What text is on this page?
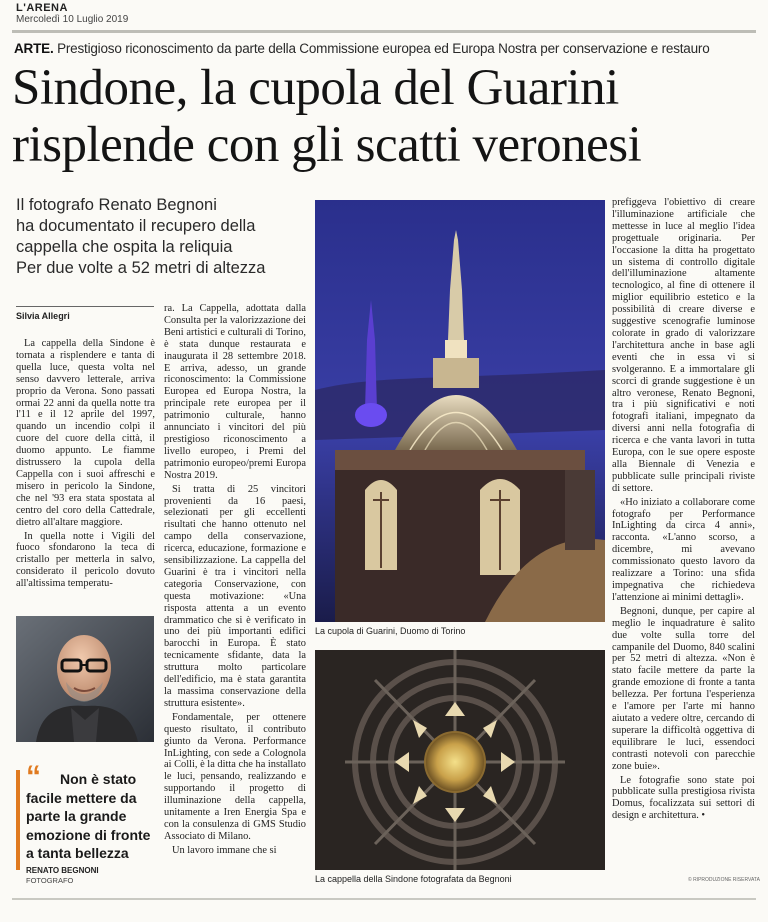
L'ARENA
Mercoledì 10 Luglio 2019
ARTE. Prestigioso riconoscimento da parte della Commissione europea ed Europa Nostra per conservazione e restauro
Sindone, la cupola del Guarini
risplende con gli scatti veronesi
Il fotografo Renato Begnoni
ha documentato il recupero della
cappella che ospita la reliquia
Per due volte a 52 metri di altezza
Silvia Allegri

La cappella della Sindone è tornata a risplendere e tanta di quella luce, questa volta nel senso davvero letterale, arriva proprio da Verona. Sono passati ormai 22 anni da quella notte tra l'11 e il 12 aprile del 1997, quando un incendio colpì il cuore del cuore della città, il duomo appunto. Le fiamme distrussero la cupola della Cappella con i suoi affreschi e misero in pericolo la Sindone, che nel '93 era stata spostata al centro del coro della Cattedrale, dietro all'altare maggiore.

In quella notte i Vigili del fuoco sfondarono la teca di cristallo per metterla in salvo, considerato il pericolo dovuto all'altissima temperatu-

ra. La Cappella, adottata dalla Consulta per la valorizzazione dei Beni artistici e culturali di Torino, è stata dunque restaurata e inaugurata il 28 settembre 2018. E arriva, adesso, un grande riconoscimento: la Commissione Europea ed Europa Nostra, la principale rete europea per il patrimonio culturale, hanno annunciato i vincitori del più prestigioso riconoscimento a livello europeo, i Premi del patrimonio europeo/premi Europa Nostra 2019.

Si tratta di 25 vincitori provenienti da 16 paesi, selezionati per gli eccellenti risultati che hanno ottenuto nel campo della conservazione, ricerca, educazione, formazione e sensibilizzazione. La cappella del Guarini è tra i vincitori nella categoria Conservazione, con questa motivazione: «Una risposta attenta a un evento drammatico che si è verificato in uno dei più importanti edifici barocchi in Europa. È stato tecnicamente sfidante, data la struttura molto particolare dell'edificio, ma è stata garantita la massima conservazione della struttura esistente».

Fondamentale, per ottenere questo risultato, il contributo giunto da Verona. Performance InLighting, con sede a Colognola ai Colli, è la ditta che ha installato le luci, pensando, realizzando e supportando il progetto di illuminazione della cappella, unitamente a Iren Energia Spa e con la consulenza di GMS Studio Associato di Milano.

Un lavoro immane che si

prefiggeva l'obiettivo di creare l'illuminazione artificiale che mettesse in luce al meglio l'idea progettuale originaria. Per l'occasione la ditta ha progettato un sistema di controllo digitale dell'illuminazione altamente tecnologico, al fine di ottenere il miglior equilibrio estetico e la possibilità di creare diverse e suggestive scenografie luminose colorate in grado di valorizzare l'architettura anche in base agli eventi che in essa vi si svolgeranno. E a immortalare gli scorci di grande suggestione è un altro veronese, Renato Begnoni, tra i più significativi e noti fotografi italiani, impegnato da diversi anni nella fotografia di ricerca e che vanta lavori in tutta Europa, con le sue opere esposte alla Biennale di Venezia e pubblicate sulle principali riviste di settore.

«Ho iniziato a collaborare come fotografo per Performance InLighting da circa 4 anni», racconta. «L'anno scorso, a dicembre, mi avevano commissionato questo lavoro da realizzare a Torino: una sfida impegnativa che richiedeva l'attenzione ai minimi dettagli».

Begnoni, dunque, per capire al meglio le inquadrature è salito due volte sulla torre del campanile del Duomo, 840 scalini per 52 metri di altezza. «Non è stato facile mettere da parte la grande emozione di fronte a tanta bellezza. Per fortuna l'esperienza e l'amore per l'arte mi hanno aiutato a vedere oltre, cercando di superare la difficoltà oggettiva di equilibrare le luci, essendoci contrasti notevoli con parecchie zone buie».

Le fotografie sono state poi pubblicate sulla prestigiosa rivista Domus, focalizzata sui settori di design e architettura. •

“	Non è stato facile mettere da parte la grande emozione di fronte a tanta bellezza
RENATO BEGNONI
FOTOGRAFO
La cupola di Guarini, Duomo di Torino
La cappella della Sindone fotografata da Begnoni	© RIPRODUZIONE RISERVATA
